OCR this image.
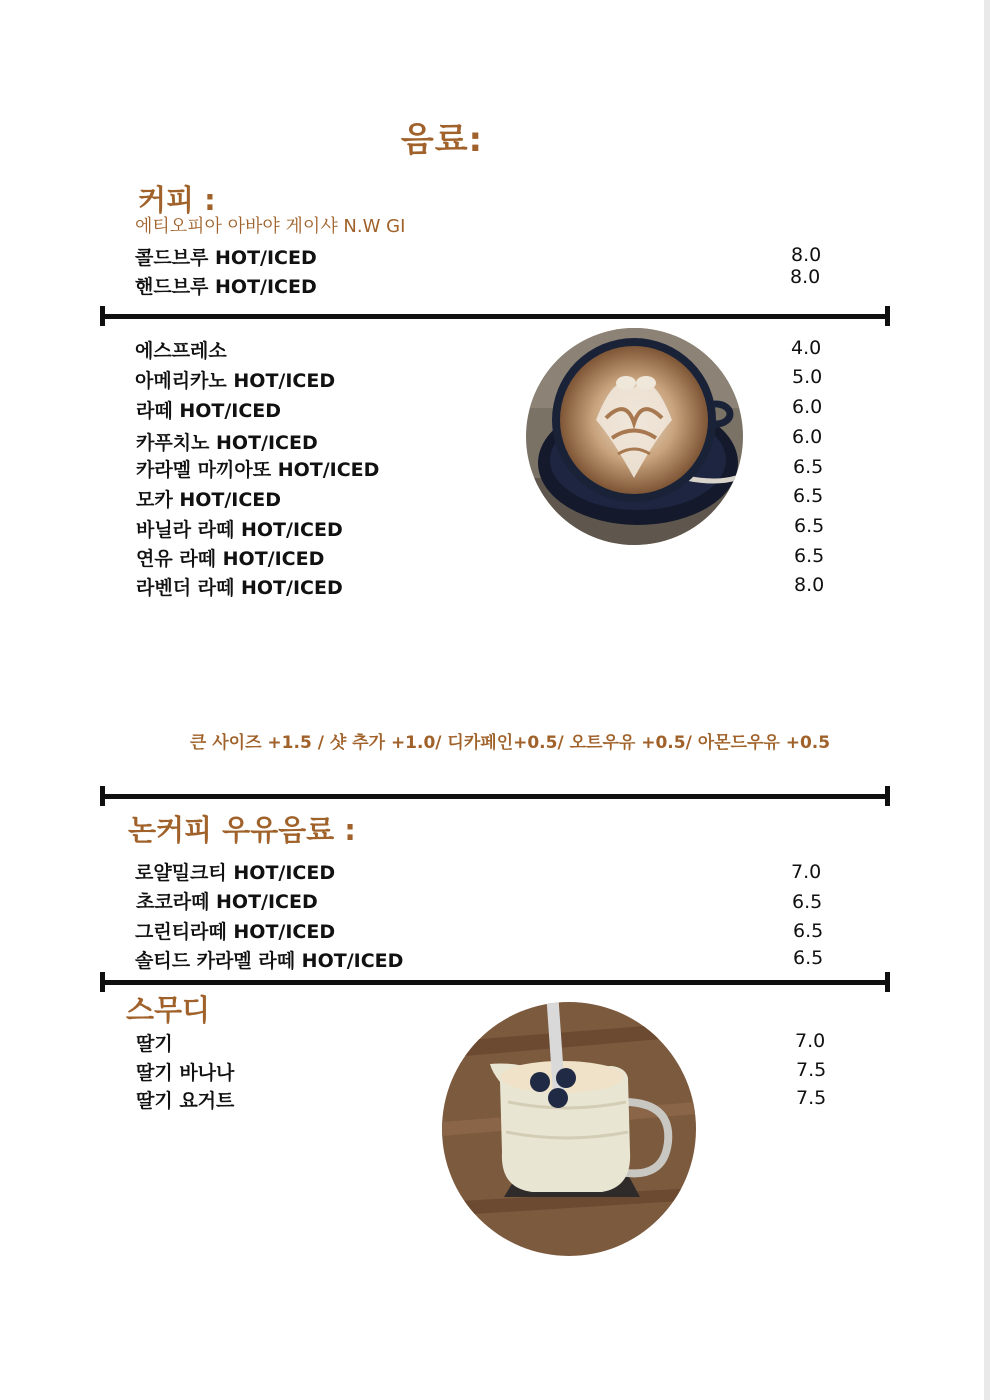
음료:
커피 :
에티오피아 아바야 게이샤 N.W GI
콜드브루 HOT/ICED	8.0
핸드브루 HOT/ICED	8.0
에스프레소	4.0
아메리카노 HOT/ICED	5.0
라떼 HOT/ICED	6.0
카푸치노 HOT/ICED	6.0
카라멜 마끼아또 HOT/ICED	6.5
모카 HOT/ICED	6.5
바닐라 라떼 HOT/ICED	6.5
연유 라떼 HOT/ICED	6.5
라벤더 라떼 HOT/ICED	8.0
큰 사이즈 +1.5 / 샷 추가 +1.0/ 디카페인+0.5/ 오트우유 +0.5/ 아몬드우유 +0.5
논커피 우유음료 :
로얄밀크티 HOT/ICED	7.0
초코라떼 HOT/ICED	6.5
그린티라떼 HOT/ICED	6.5
솔티드 카라멜 라떼 HOT/ICED	6.5
스무디
딸기	7.0
딸기 바나나	7.5
딸기 요거트	7.5
